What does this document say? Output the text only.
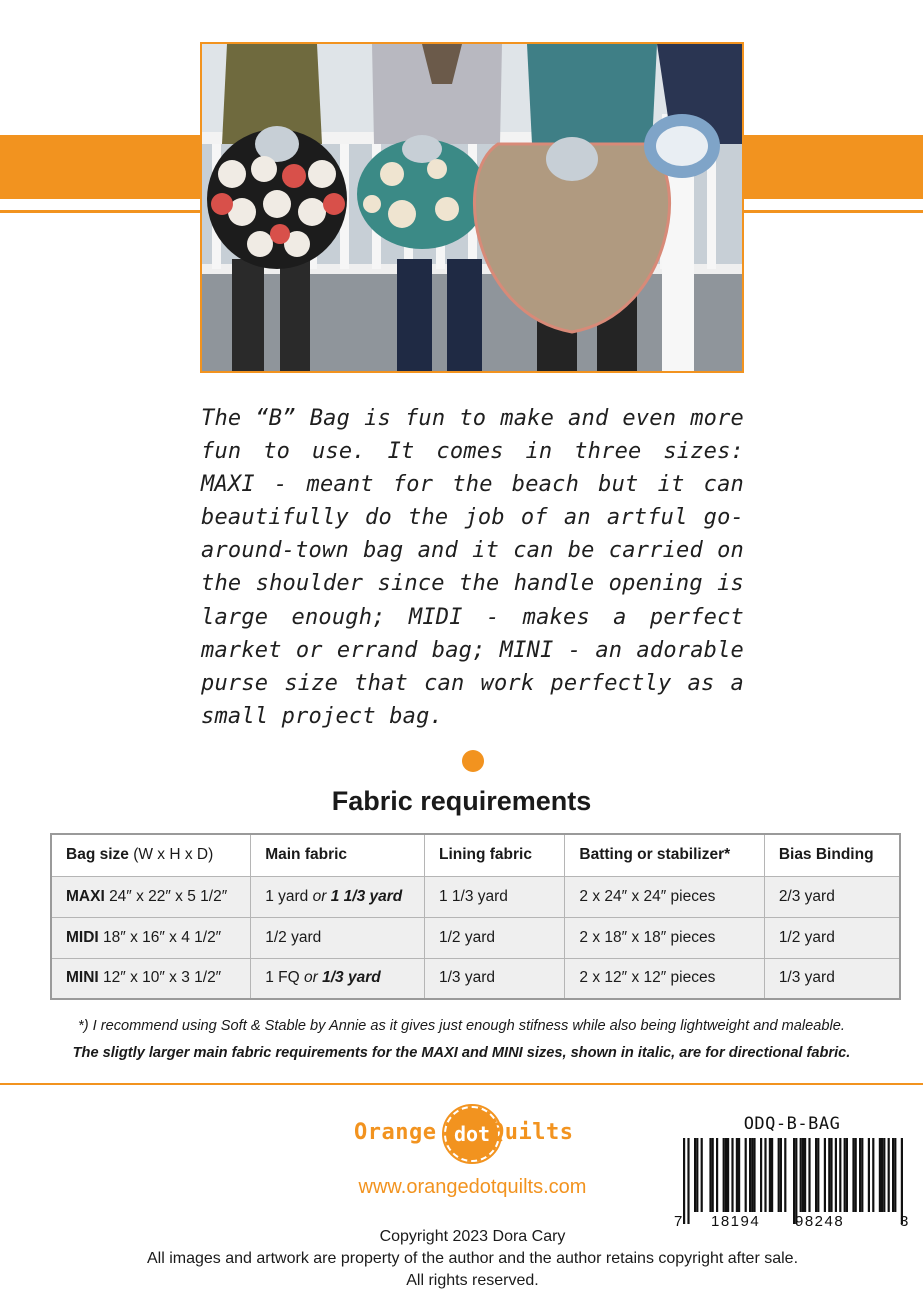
The “B” Bag is fun to make and even more fun to use. It comes in three sizes: MAXI - meant for the beach but it can beautifully do the job of an artful go-around-town bag and it can be carried on the shoulder since the handle opening is large enough; MIDI - makes a perfect market or errand bag; MINI - an adorable purse size that can work perfectly as a small project bag.
Fabric requirements
Bag size (W x H x D)	Main fabric	Lining fabric	Batting or stabilizer*	Bias Binding
MAXI 24″ x 22″ x 5 1/2″	1 yard or 1 1/3 yard	1 1/3 yard	2 x 24″ x 24″ pieces	2/3 yard
MIDI 18″ x 16″ x 4 1/2″	1/2 yard	1/2 yard	2 x 18″ x 18″ pieces	1/2 yard
MINI 12″ x 10″ x 3 1/2″	1 FQ or 1/3 yard	1/3 yard	2 x 12″ x 12″ pieces	1/3 yard
*) I recommend using Soft & Stable by Annie as it gives just enough stifness while also being lightweight and maleable.
The sligtly larger main fabric requirements for the MAXI and MINI sizes, shown in italic, are for directional fabric.
Orange dot Quilts
www.orangedotquilts.com
Copyright 2023 Dora Cary
All images and artwork are property of the author and the author retains copyright after sale.
All rights reserved.
ODQ-B-BAG
7 18194 98248	3
